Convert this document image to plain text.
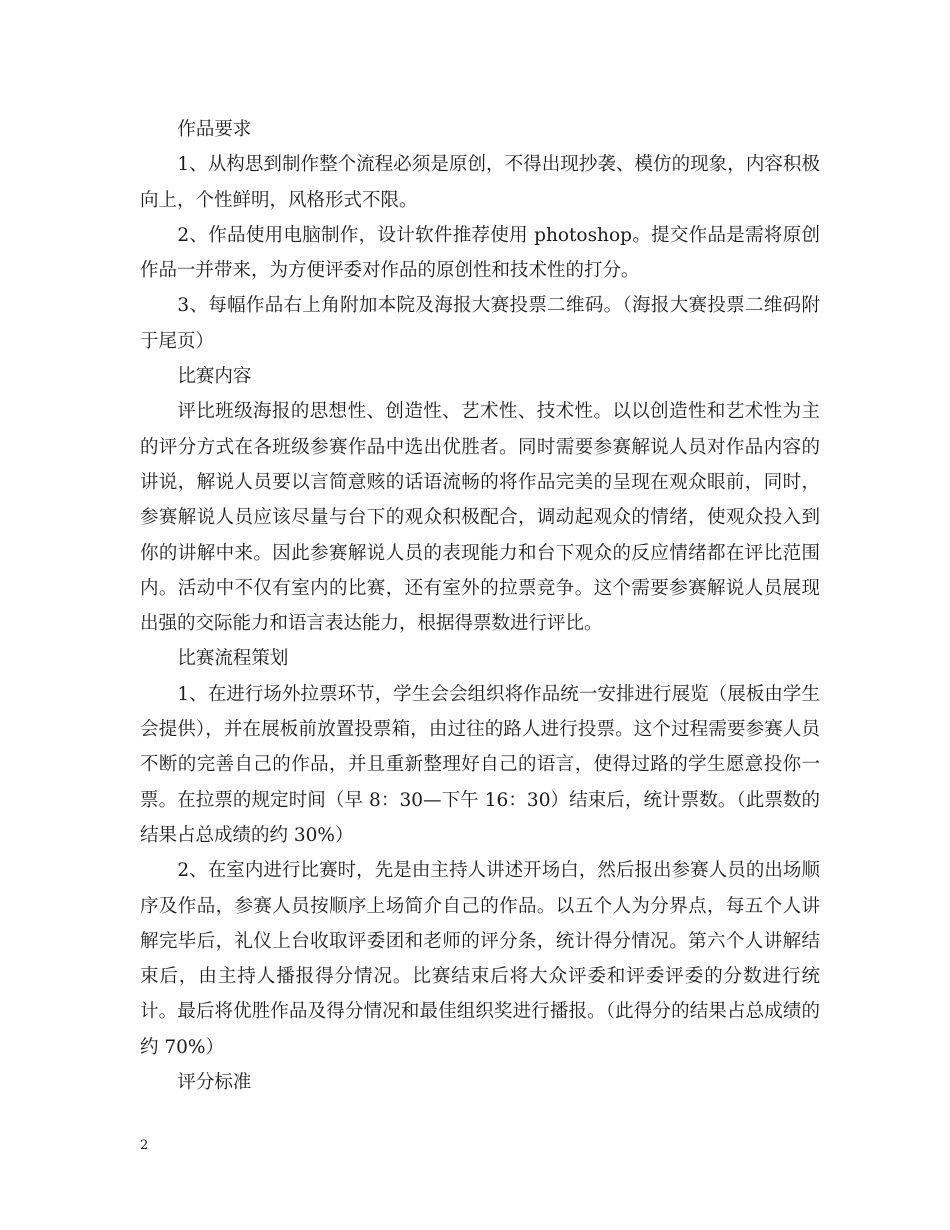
作品要求

1、从构思到制作整个流程必须是原创，不得出现抄袭、模仿的现象，内容积极向上，个性鲜明，风格形式不限。

2、作品使用电脑制作，设计软件推荐使用 photoshop。提交作品是需将原创作品一并带来，为方便评委对作品的原创性和技术性的打分。

3、每幅作品右上角附加本院及海报大赛投票二维码。（海报大赛投票二维码附于尾页）

比赛内容

评比班级海报的思想性、创造性、艺术性、技术性。以以创造性和艺术性为主的评分方式在各班级参赛作品中选出优胜者。同时需要参赛解说人员对作品内容的讲说，解说人员要以言简意赅的话语流畅的将作品完美的呈现在观众眼前，同时，参赛解说人员应该尽量与台下的观众积极配合，调动起观众的情绪，使观众投入到你的讲解中来。因此参赛解说人员的表现能力和台下观众的反应情绪都在评比范围内。活动中不仅有室内的比赛，还有室外的拉票竞争。这个需要参赛解说人员展现出强的交际能力和语言表达能力，根据得票数进行评比。

比赛流程策划

1、在进行场外拉票环节，学生会会组织将作品统一安排进行展览（展板由学生会提供），并在展板前放置投票箱，由过往的路人进行投票。这个过程需要参赛人员不断的完善自己的作品，并且重新整理好自己的语言，使得过路的学生愿意投你一票。在拉票的规定时间（早 8：30—下午 16：30）结束后，统计票数。（此票数的结果占总成绩的约 30%）

2、在室内进行比赛时，先是由主持人讲述开场白，然后报出参赛人员的出场顺序及作品，参赛人员按顺序上场简介自己的作品。以五个人为分界点，每五个人讲解完毕后，礼仪上台收取评委团和老师的评分条，统计得分情况。第六个人讲解结束后，由主持人播报得分情况。比赛结束后将大众评委和评委评委的分数进行统计。最后将优胜作品及得分情况和最佳组织奖进行播报。（此得分的结果占总成绩的约 70%）

评分标准

2
